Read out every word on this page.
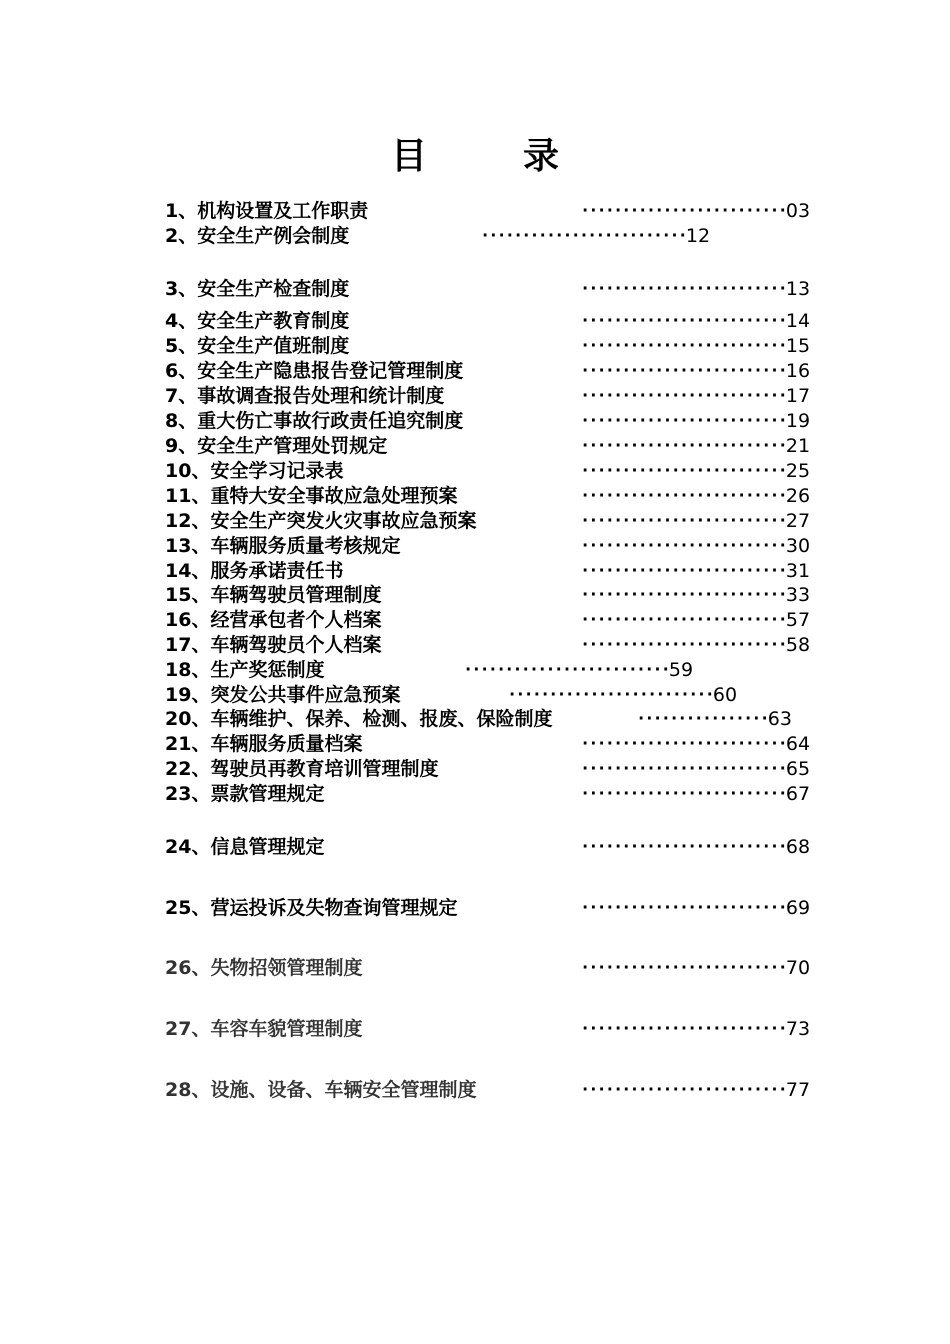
目	录
1、机构设置及工作职责	························· 03
2、安全生产例会制度	························· 12
3、安全生产检查制度	························· 13
4、安全生产教育制度	························· 14
5、安全生产值班制度	························· 15
6、安全生产隐患报告登记管理制度	························· 16
7、事故调查报告处理和统计制度	························· 17
8、重大伤亡事故行政责任追究制度	························· 19
9、安全生产管理处罚规定	························· 21
10、安全学习记录表	························· 25
11、重特大安全事故应急处理预案	························· 26
12、安全生产突发火灾事故应急预案	························· 27
13、车辆服务质量考核规定	························· 30
14、服务承诺责任书	························· 31
15、车辆驾驶员管理制度	························· 33
16、经营承包者个人档案	························· 57
17、车辆驾驶员个人档案	························· 58
18、生产奖惩制度	························· 59
19、突发公共事件应急预案	························· 60
20、车辆维护、保养、检测、报废、保险制度	················ 63
21、车辆服务质量档案	························· 64
22、驾驶员再教育培训管理制度	························· 65
23、票款管理规定	························· 67
24、信息管理规定	························· 68
25、营运投诉及失物查询管理规定	························· 69
26、失物招领管理制度	························· 70
27、车容车貌管理制度	························· 73
28、设施、设备、车辆安全管理制度	························· 77
